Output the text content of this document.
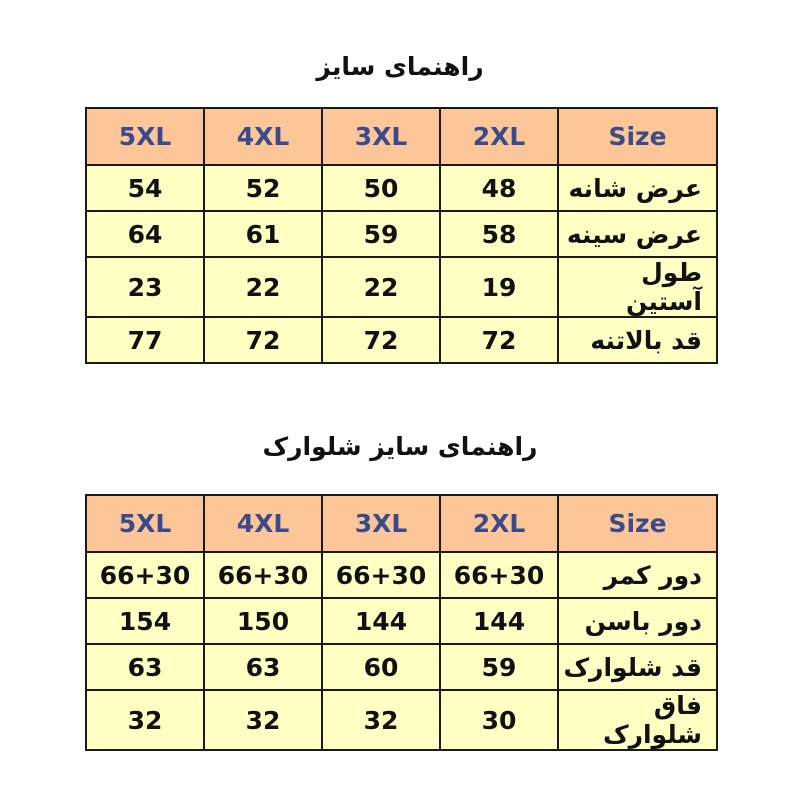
راهنمای سایز
5XL	4XL	3XL	2XL	Size
54	52	50	48	عرض شانه
64	61	59	58	عرض سینه
23	22	22	19	طول آستین
77	72	72	72	قد بالاتنه
راهنمای سایز شلوارک
5XL	4XL	3XL	2XL	Size
66+30	66+30	66+30	66+30	دور کمر
154	150	144	144	دور باسن
63	63	60	59	قد شلوارک
32	32	32	30	فاق شلوارک
